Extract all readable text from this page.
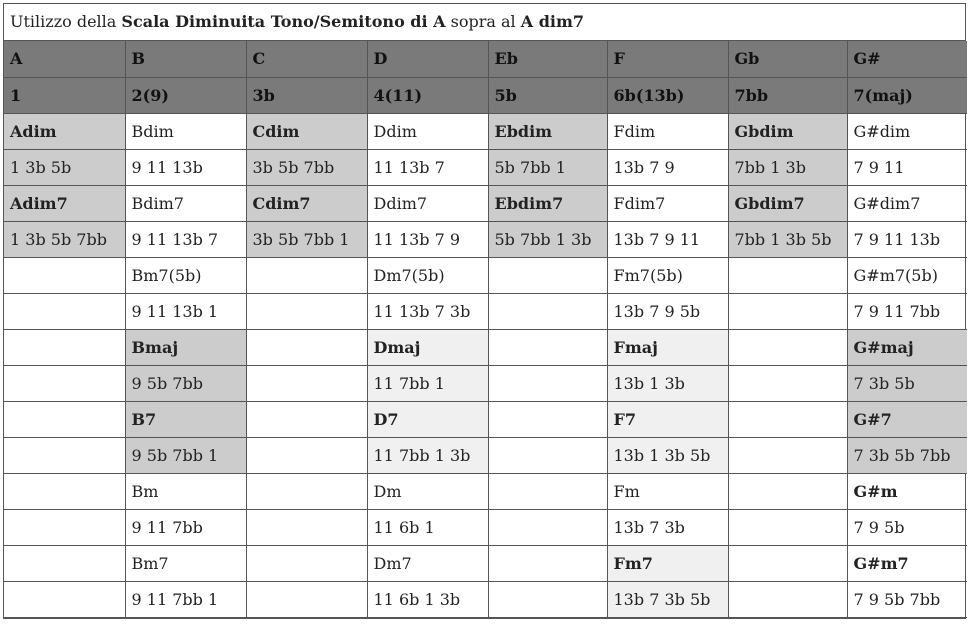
Utilizzo della Scala Diminuita Tono/Semitono di A sopra al A dim7
A	B	C	D	Eb	F	Gb	G#
1	2(9)	3b	4(11)	5b	6b(13b)	7bb	7(maj)
Adim	Bdim	Cdim	Ddim	Ebdim	Fdim	Gbdim	G#dim
1 3b 5b	9 11 13b	3b 5b 7bb	11 13b 7	5b 7bb 1	13b 7 9	7bb 1 3b	7 9 11
Adim7	Bdim7	Cdim7	Ddim7	Ebdim7	Fdim7	Gbdim7	G#dim7
1 3b 5b 7bb	9 11 13b 7	3b 5b 7bb 1	11 13b 7 9	5b 7bb 1 3b	13b 7 9 11	7bb 1 3b 5b	7 9 11 13b
	Bm7(5b)		Dm7(5b)		Fm7(5b)		G#m7(5b)
	9 11 13b 1		11 13b 7 3b		13b 7 9 5b		7 9 11 7bb
	Bmaj		Dmaj		Fmaj		G#maj
	9 5b 7bb		11 7bb 1		13b 1 3b		7 3b 5b
	B7		D7		F7		G#7
	9 5b 7bb 1		11 7bb 1 3b		13b 1 3b 5b		7 3b 5b 7bb
	Bm		Dm		Fm		G#m
	9 11 7bb		11 6b 1		13b 7 3b		7 9 5b
	Bm7		Dm7		Fm7		G#m7
	9 11 7bb 1		11 6b 1 3b		13b 7 3b 5b		7 9 5b 7bb
